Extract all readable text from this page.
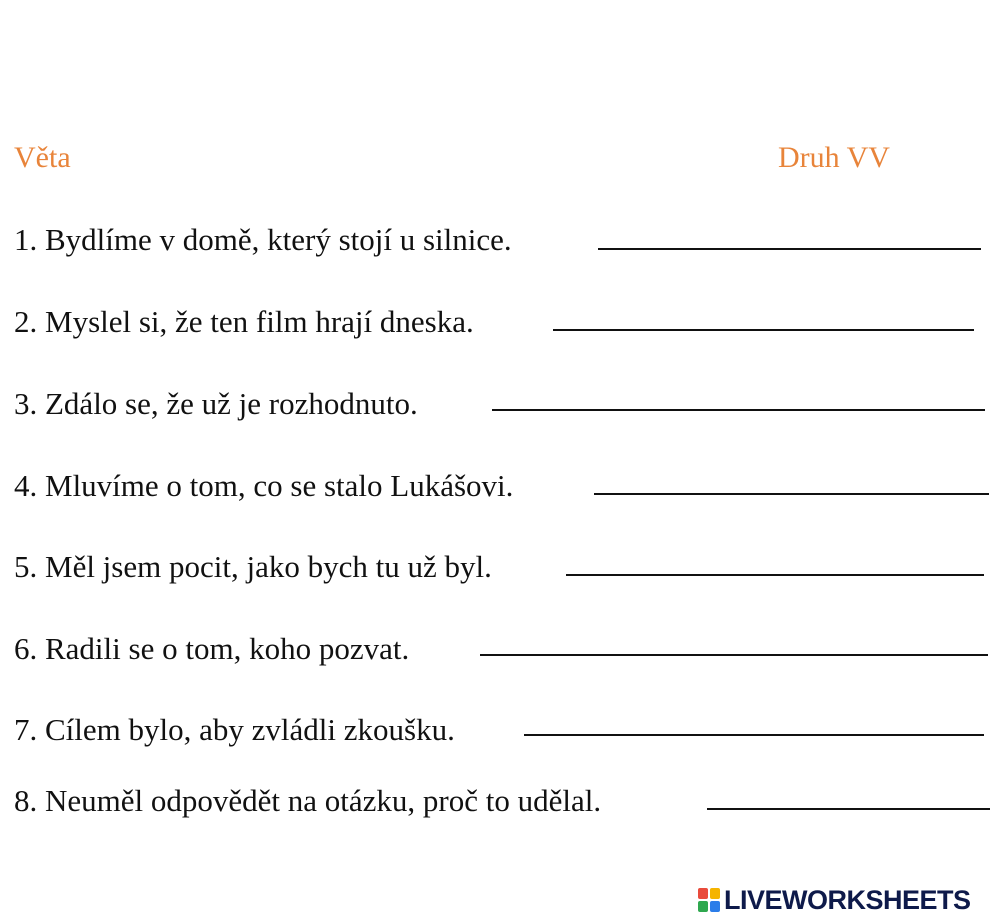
Věta	Druh VV
1. Bydlíme v domě, který stojí u silnice.
2. Myslel si, že ten film hrají dneska.
3. Zdálo se, že už je rozhodnuto.
4. Mluvíme o tom, co se stalo Lukášovi.
5. Měl jsem pocit, jako bych tu už byl.
6. Radili se o tom, koho pozvat.
7. Cílem bylo, aby zvládli zkoušku.
8. Neuměl odpovědět na otázku, proč to udělal.
LIVEWORKSHEETS
